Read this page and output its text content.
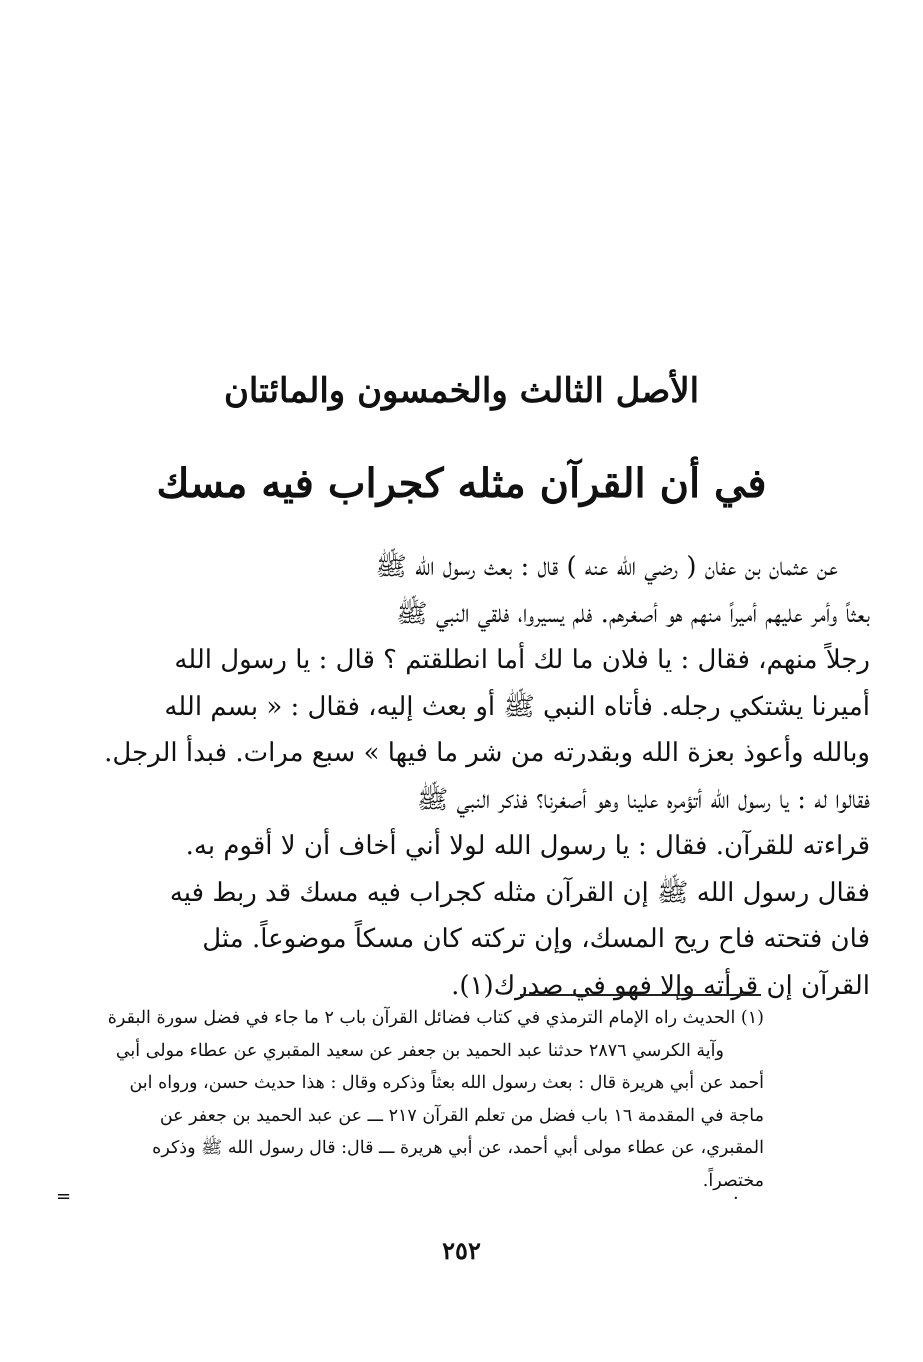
الأصل الثالث والخمسون والمائتان
في أن القرآن مثله كجراب فيه مسك
عن عثمان بن عفان ( رضي الله عنه ) قال : بعث رسول الله ﷺ
بعثاً وأمر عليهم أميراً منهم هو أصغرهم. فلم يسيروا، فلقي النبي ﷺ
رجلاً منهم، فقال : يا فلان ما لك أما انطلقتم ؟ قال : يا رسول الله
أميرنا يشتكي رجله. فأتاه النبي ﷺ أو بعث إليه، فقال : « بسم الله
وبالله وأعوذ بعزة الله وبقدرته من شر ما فيها » سبع مرات. فبدأ الرجل.
فقالوا له : يا رسول الله أتؤمره علينا وهو أصغرنا؟ فذكر النبي ﷺ
قراءته للقرآن. فقال : يا رسول الله لولا أني أخاف أن لا أقوم به.
فقال رسول الله ﷺ إن القرآن مثله كجراب فيه مسك قد ربط فيه
فان فتحته فاح ريح المسك، وإن تركته كان مسكاً موضوعاً. مثل
القرآن إن قرأته وإلا فهو في صدرك(١).
(١) الحديث راه الإمام الترمذي في كتاب فضائل القرآن باب ٢ ما جاء في فضل سورة البقرة
وآية الكرسي ٢٨٧٦ حدثنا عبد الحميد بن جعفر عن سعيد المقبري عن عطاء مولى أبي
أحمد عن أبي هريرة قال : بعث رسول الله بعثاً وذكره وقال : هذا حديث حسن، ورواه ابن
ماجة في المقدمة ١٦ باب فضل من تعلم القرآن ٢١٧ ـــ عن عبد الحميد بن جعفر عن
المقبري، عن عطاء مولى أبي أحمد، عن أبي هريرة ـــ قال: قال رسول الله ﷺ وذكره
مختصراً.
=	·
٢٥٢
